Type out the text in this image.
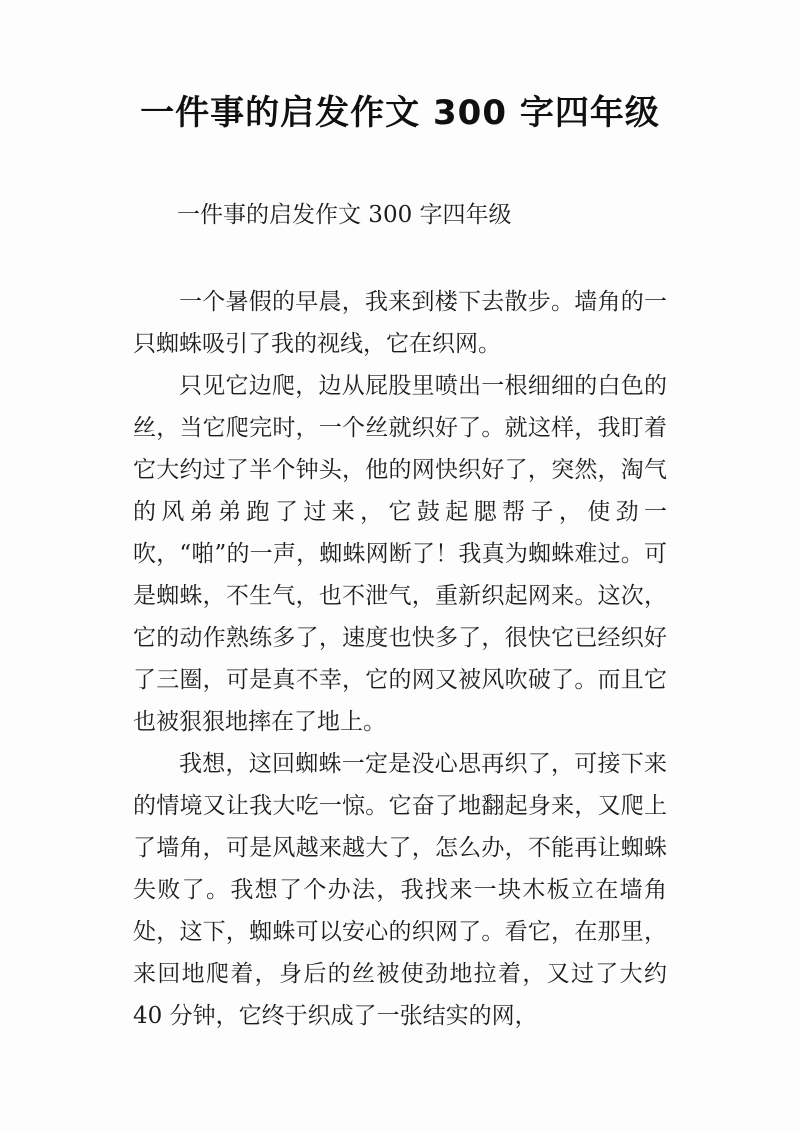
一件事的启发作文 300 字四年级

一件事的启发作文 300 字四年级

一个暑假的早晨，我来到楼下去散步。墙角的一只蜘蛛吸引了我的视线，它在织网。

只见它边爬，边从屁股里喷出一根细细的白色的丝，当它爬完时，一个丝就织好了。就这样，我盯着它大约过了半个钟头，他的网快织好了，突然，淘气的风弟弟跑了过来，它鼓起腮帮子，使劲一吹，“啪”的一声，蜘蛛网断了！我真为蜘蛛难过。可是蜘蛛，不生气，也不泄气，重新织起网来。这次，它的动作熟练多了，速度也快多了，很快它已经织好了三圈，可是真不幸，它的网又被风吹破了。而且它也被狠狠地摔在了地上。

我想，这回蜘蛛一定是没心思再织了，可接下来的情境又让我大吃一惊。它奋了地翻起身来，又爬上了墙角，可是风越来越大了，怎么办，不能再让蜘蛛失败了。我想了个办法，我找来一块木板立在墙角处，这下，蜘蛛可以安心的织网了。看它，在那里，来回地爬着，身后的丝被使劲地拉着，又过了大约 40 分钟，它终于织成了一张结实的网，
